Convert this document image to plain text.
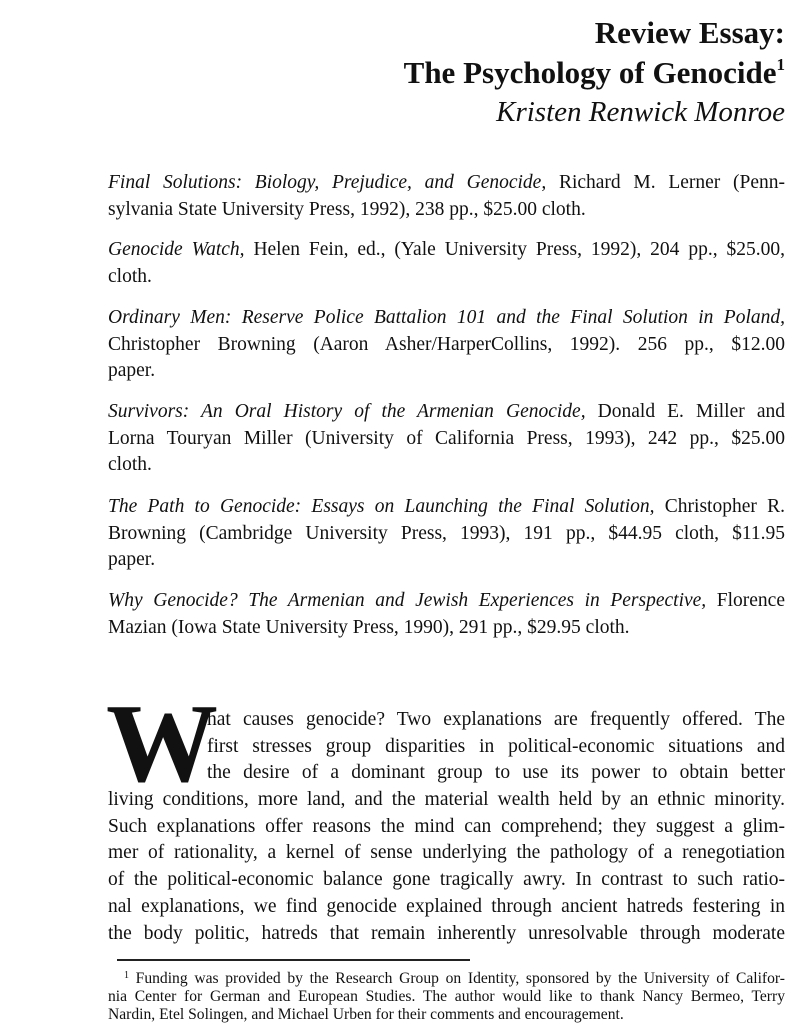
Review Essay:
The Psychology of Genocide$^1$
Kristen Renwick Monroe
Final Solutions: Biology, Prejudice, and Genocide, Richard M. Lerner (Penn-
sylvania State University Press, 1992), 238 pp., $25.00 cloth.
Genocide Watch, Helen Fein, ed., (Yale University Press, 1992), 204 pp., $25.00,
cloth.
Ordinary Men: Reserve Police Battalion 101 and the Final Solution in Poland,
Christopher Browning (Aaron Asher/HarperCollins, 1992). 256 pp., $12.00
paper.
Survivors: An Oral History of the Armenian Genocide, Donald E. Miller and
Lorna Touryan Miller (University of California Press, 1993), 242 pp., $25.00
cloth.
The Path to Genocide: Essays on Launching the Final Solution, Christopher R.
Browning (Cambridge University Press, 1993), 191 pp., $44.95 cloth, $11.95
paper.
Why Genocide? The Armenian and Jewish Experiences in Perspective, Florence
Mazian (Iowa State University Press, 1990), 291 pp., $29.95 cloth.
W
hat causes genocide? Two explanations are frequently offered. The
first stresses group disparities in political-economic situations and
the desire of a dominant group to use its power to obtain better
living conditions, more land, and the material wealth held by an ethnic minority.
Such explanations offer reasons the mind can comprehend; they suggest a glim-
mer of rationality, a kernel of sense underlying the pathology of a renegotiation
of the political-economic balance gone tragically awry. In contrast to such ratio-
nal explanations, we find genocide explained through ancient hatreds festering in
the body politic, hatreds that remain inherently unresolvable through moderate
$^1$ Funding was provided by the Research Group on Identity, sponsored by the University of Califor-
nia Center for German and European Studies. The author would like to thank Nancy Bermeo, Terry
Nardin, Etel Solingen, and Michael Urben for their comments and encouragement.
